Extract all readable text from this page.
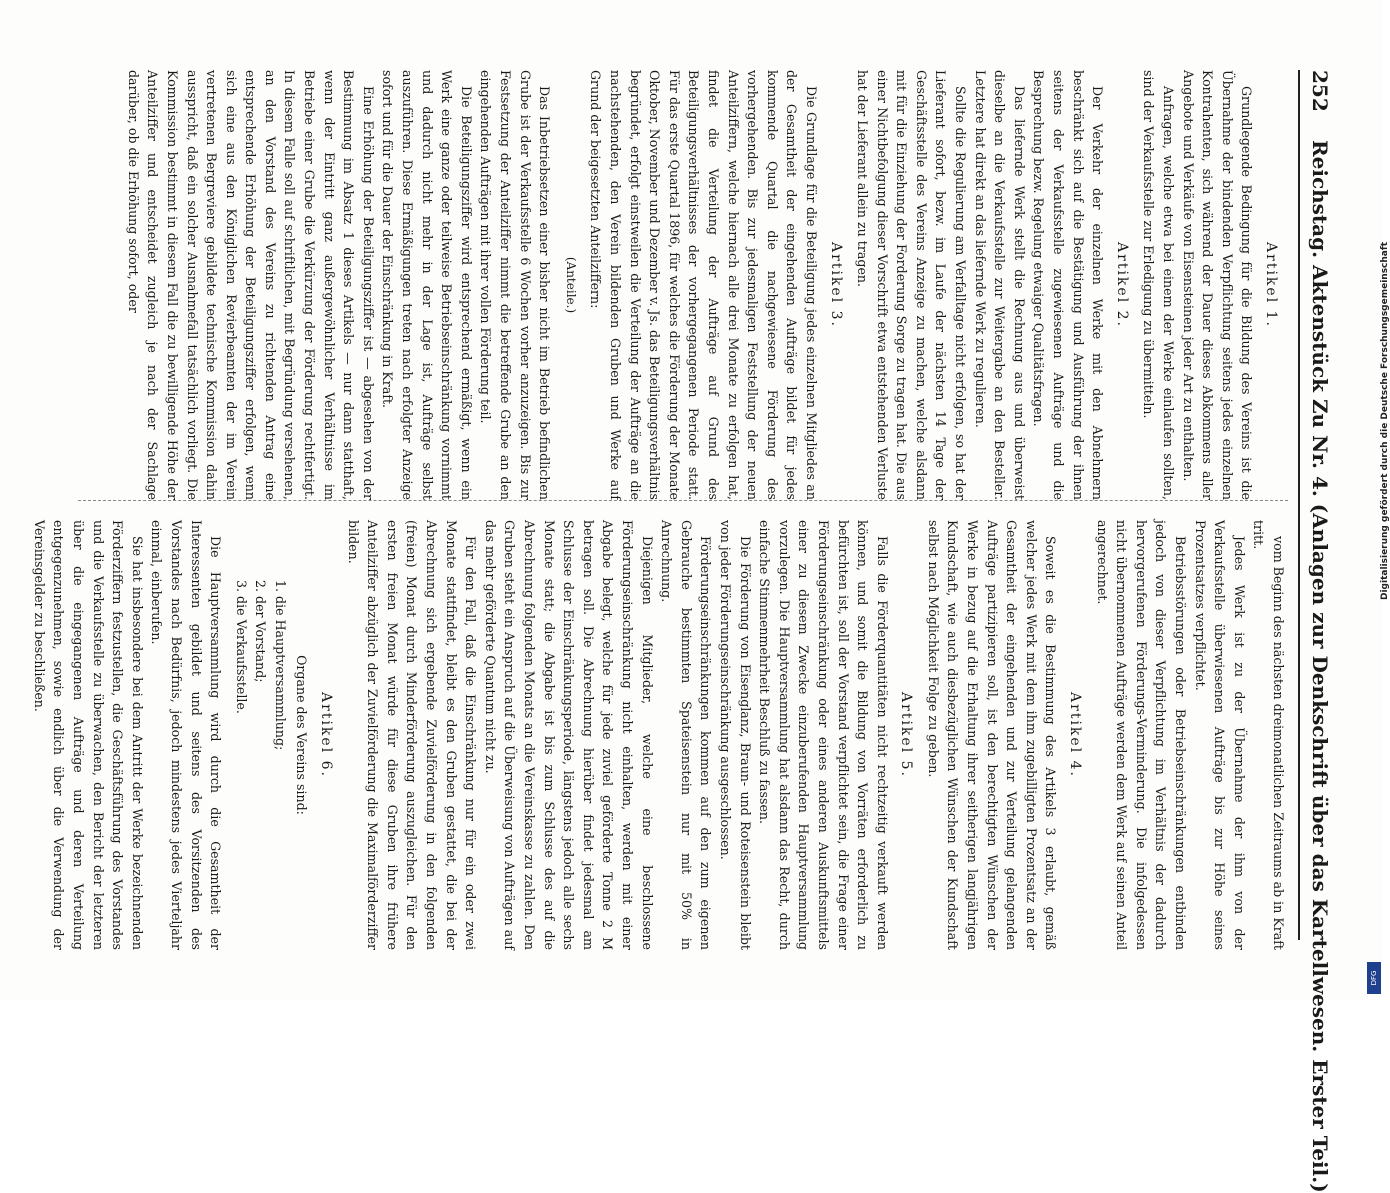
252
Reichstag. Aktenstück Zu Nr. 4. (Anlagen zur Denkschrift über das Kartellwesen. Erster Teil.)
Artikel 1.

Grundlegende Bedingung für die Bildung des Vereins ist die Übernahme der bindenden Verpflichtung seitens jedes einzelnen Kontrahenten, sich während der Dauer dieses Abkommens aller Angebote und Verkäufe von Eisensteinen jeder Art zu enthalten.

Anfragen, welche etwa bei einem der Werke einlaufen sollten, sind der Verkaufsstelle zur Erledigung zu übermitteln.

Artikel 2.

Der Verkehr der einzelnen Werke mit den Abnehmern beschränkt sich auf die Bestätigung und Ausführung der ihnen seitens der Verkaufsstelle zugewiesenen Aufträge und die Besprechung bezw. Regelung etwaiger Qualitätsfragen.

Das liefernde Werk stellt die Rechnung aus und überweist dieselbe an die Verkaufsstelle zur Weitergabe an den Besteller. Letztere hat direkt an das liefernde Werk zu regulieren.

Sollte die Regulierung am Verfalltage nicht erfolgen, so hat der Lieferant sofort, bezw. im Laufe der nächsten 14 Tage der Geschäftsstelle des Vereins Anzeige zu machen, welche alsdann mit für die Einziehung der Forderung Sorge zu tragen hat. Die aus einer Nichtbefolgung dieser Vorschrift etwa entstehenden Verluste hat der Lieferant allein zu tragen.

Artikel 3.

Die Grundlage für die Beteiligung jedes einzelnen Mitgliedes an der Gesamtheit der eingehenden Aufträge bildet für jedes kommende Quartal die nachgewiesene Förderung des vorhergehenden. Bis zur jedesmaligen Feststellung der neuen Anteilziffern, welche hiernach alle drei Monate zu erfolgen hat, findet die Verteilung der Aufträge auf Grund des Beteiligungsverhältnisses der vorhergegangenen Periode statt. Für das erste Quartal 1896, für welches die Förderung der Monate Oktober, November und Dezember v. Js. das Beteiligungsverhältnis begründet, erfolgt einstweilen die Verteilung der Aufträge an die nachstehenden, den Verein bildenden Gruben und Werke auf Grund der beigesetzten Anteilziffern:

(Anteile.)

Das Inbetriebsetzen einer bisher nicht im Betrieb befindlichen Grube ist der Verkaufsstelle 6 Wochen vorher anzuzeigen. Bis zur Festsetzung der Anteilziffer nimmt die betreffende Grube an den eingehenden Aufträgen mit ihrer vollen Förderung teil.

Die Beteiligungsziffer wird entsprechend ermäßigt, wenn ein Werk eine ganze oder teilweise Betriebseinschränkung vornimmt und dadurch nicht mehr in der Lage ist, Aufträge selbst auszuführen. Diese Ermäßigungen treten nach erfolgter Anzeige sofort und für die Dauer der Einschränkung in Kraft.

Eine Erhöhung der Beteiligungsziffer ist — abgesehen von der Bestimmung im Absatz 1 dieses Artikels — nur dann statthaft, wenn der Eintritt ganz außergewöhnlicher Verhältnisse im Betriebe einer Grube die Verkürzung der Förderung rechtfertigt. In diesem Falle soll auf schriftlichen, mit Begründung versehenen, an den Vorstand des Vereins zu richtenden Antrag eine entsprechende Erhöhung der Beteiligungsziffer erfolgen, wenn sich eine aus den Königlichen Revierbeamten der im Verein vertretenen Bergreviere gebildete technische Kommission dahin ausspricht, daß ein solcher Ausnahmefall tatsächlich vorliegt. Die Kommission bestimmt in diesem Fall die zu bewilligende Höhe der Anteilziffer und entscheidet zugleich je nach der Sachlage darüber, ob die Erhöhung sofort, oder

vom Beginn des nächsten dreimonatlichen Zeitraums ab in Kraft tritt.

Jedes Werk ist zu der Übernahme der ihm von der Verkaufsstelle überwiesenen Aufträge bis zur Höhe seines Prozentsatzes verpflichtet.

Betriebsstörungen oder Betriebseinschränkungen entbinden jedoch von dieser Verpflichtung im Verhältnis der dadurch hervorgerufenen Förderungs-Verminderung. Die infolgedessen nicht übernommenen Aufträge werden dem Werk auf seinen Anteil angerechnet.

Artikel 4.

Soweit es die Bestimmung des Artikels 3 erlaubt, gemäß welcher jedes Werk mit dem ihm zugebilligten Prozentsatz an der Gesamtheit der eingehenden und zur Verteilung gelangenden Aufträge partizipieren soll, ist den berechtigten Wünschen der Werke in bezug auf die Erhaltung ihrer seitherigen langjährigen Kundschaft, wie auch diesbezüglichen Wünschen der Kundschaft selbst nach Möglichkeit Folge zu geben.

Artikel 5.

Falls die Förderquantitäten nicht rechtzeitig verkauft werden können, und somit die Bildung von Vorräten erforderlich zu befürchten ist, soll der Vorstand verpflichtet sein, die Frage einer Förderungseinschränkung oder eines anderen Auskunftsmittels einer zu diesem Zwecke einzuberufenden Hauptversammlung vorzulegen. Die Hauptversammlung hat alsdann das Recht, durch einfache Stimmenmehrheit Beschluß zu fassen.

Die Förderung von Eisenglanz, Braun- und Roteisenstein bleibt von jeder Förderungseinschränkung ausgeschlossen.

Förderungseinschränkungen kommen auf den zum eigenen Gebrauche bestimmten Spateisenstein nur mit 50% in Anrechnung.

Diejenigen Mitglieder, welche eine beschlossene Förderungseinschränkung nicht einhalten, werden mit einer Abgabe belegt, welche für jede zuviel geförderte Tonne 2 M betragen soll. Die Abrechnung hierüber findet jedesmal am Schlusse der Einschränkungsperiode, längstens jedoch alle sechs Monate statt; die Abgabe ist bis zum Schlusse des auf die Abrechnung folgenden Monats an die Vereinskasse zu zahlen. Den Gruben steht ein Anspruch auf die Überweisung von Aufträgen auf das mehr geförderte Quantum nicht zu.

Für den Fall, daß die Einschränkung nur für ein oder zwei Monate stattfindet, bleibt es den Gruben gestattet, die bei der Abrechnung sich ergebende Zuvielförderung in den folgenden (freien) Monat durch Minderförderung auszugleichen. Für den ersten freien Monat würde für diese Gruben ihre frühere Anteilziffer abzüglich der Zuvielförderung die Maximalförderziffer bilden.

Artikel 6.

Organe des Vereins sind:

1. die Hauptversammlung;
2. der Vorstand;
3. die Verkaufsstelle.

Die Hauptversammlung wird durch die Gesamtheit der Interessenten gebildet und seitens des Vorsitzenden des Vorstandes nach Bedürfnis, jedoch mindestens jedes Vierteljahr einmal, einberufen.

Sie hat insbesondere bei dem Antritt der Werke bezeichnenden Förderziffern festzustellen, die Geschäftsführung des Vorstandes und die Verkaufsstelle zu überwachen, den Bericht der letzteren über die eingegangenen Aufträge und deren Verteilung entgegenzunehmen, sowie endlich über die Verwendung der Vereinsgelder zu beschließen.

Digitalisierung gefördert durch die Deutsche Forschungsgemeinschaft
DFG
